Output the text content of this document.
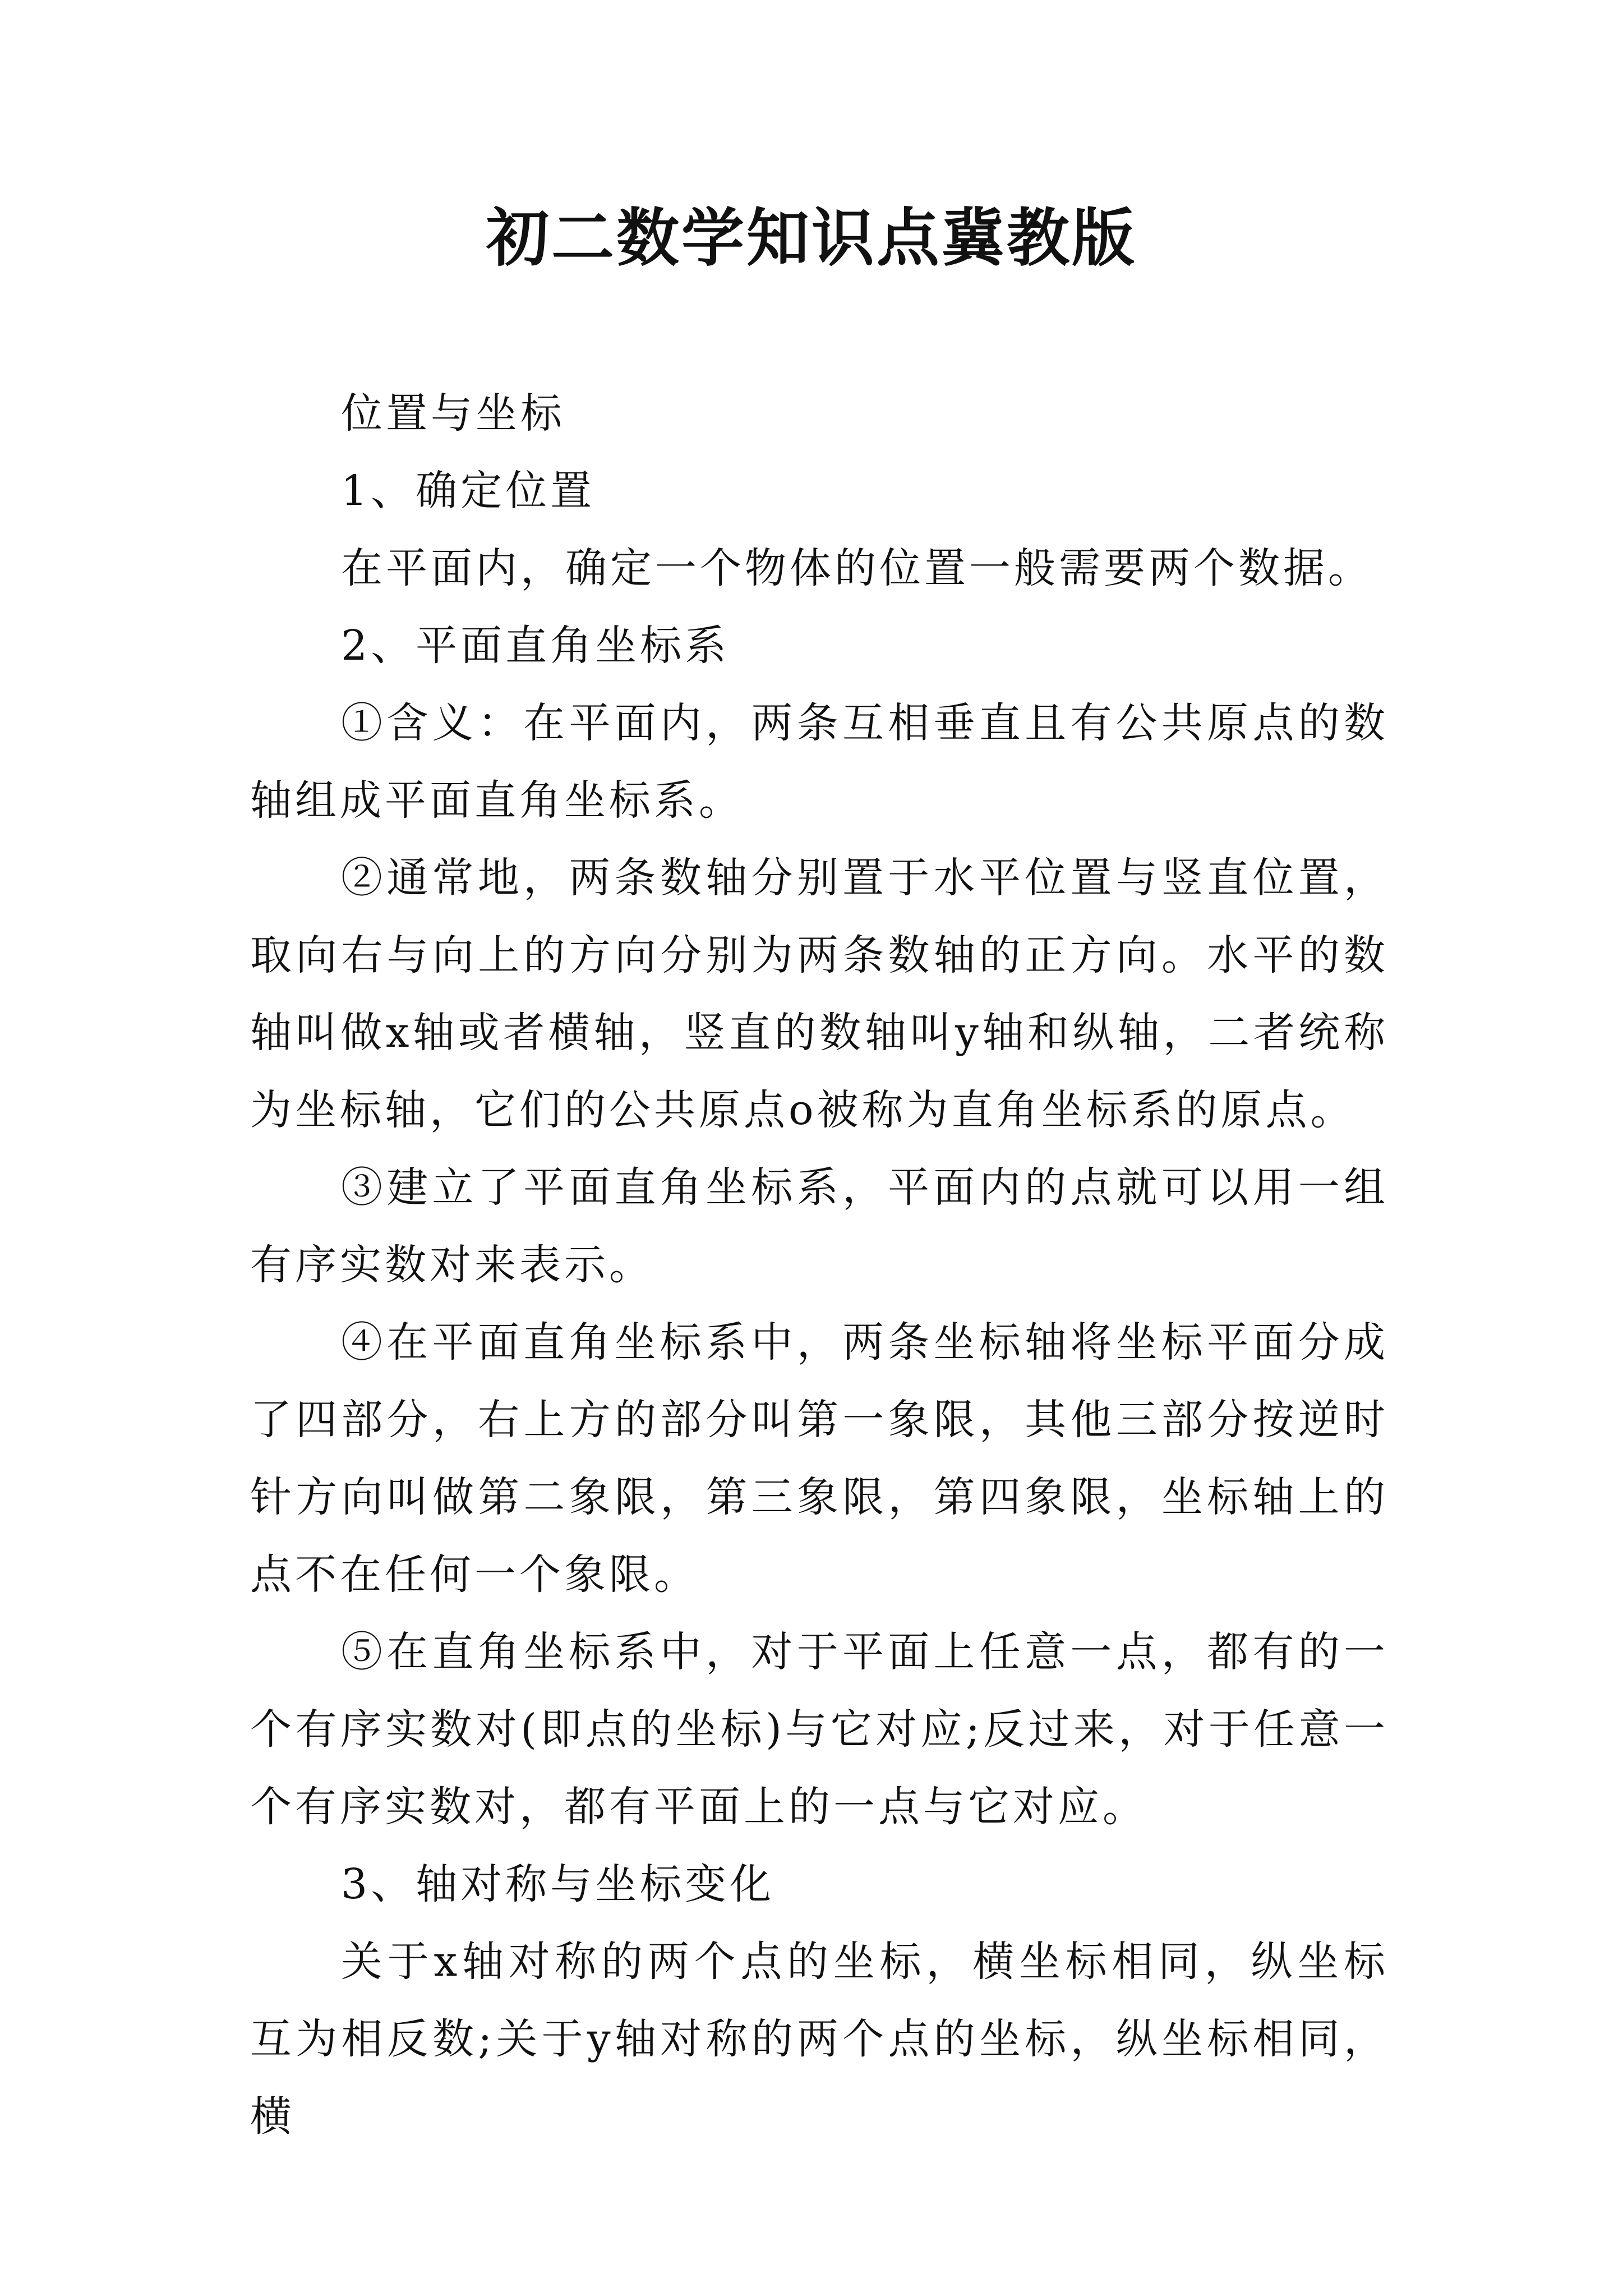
初二数学知识点冀教版

位置与坐标

1、确定位置

在平面内，确定一个物体的位置一般需要两个数据。

2、平面直角坐标系

①含义：在平面内，两条互相垂直且有公共原点的数轴组成平面直角坐标系。

②通常地，两条数轴分别置于水平位置与竖直位置，取向右与向上的方向分别为两条数轴的正方向。水平的数轴叫做x轴或者横轴，竖直的数轴叫y轴和纵轴，二者统称为坐标轴，它们的公共原点o被称为直角坐标系的原点。

③建立了平面直角坐标系，平面内的点就可以用一组有序实数对来表示。

④在平面直角坐标系中，两条坐标轴将坐标平面分成了四部分，右上方的部分叫第一象限，其他三部分按逆时针方向叫做第二象限，第三象限，第四象限，坐标轴上的点不在任何一个象限。

⑤在直角坐标系中，对于平面上任意一点，都有的一个有序实数对(即点的坐标)与它对应;反过来，对于任意一个有序实数对，都有平面上的一点与它对应。

3、轴对称与坐标变化

关于x轴对称的两个点的坐标，横坐标相同，纵坐标互为相反数;关于y轴对称的两个点的坐标，纵坐标相同，横
